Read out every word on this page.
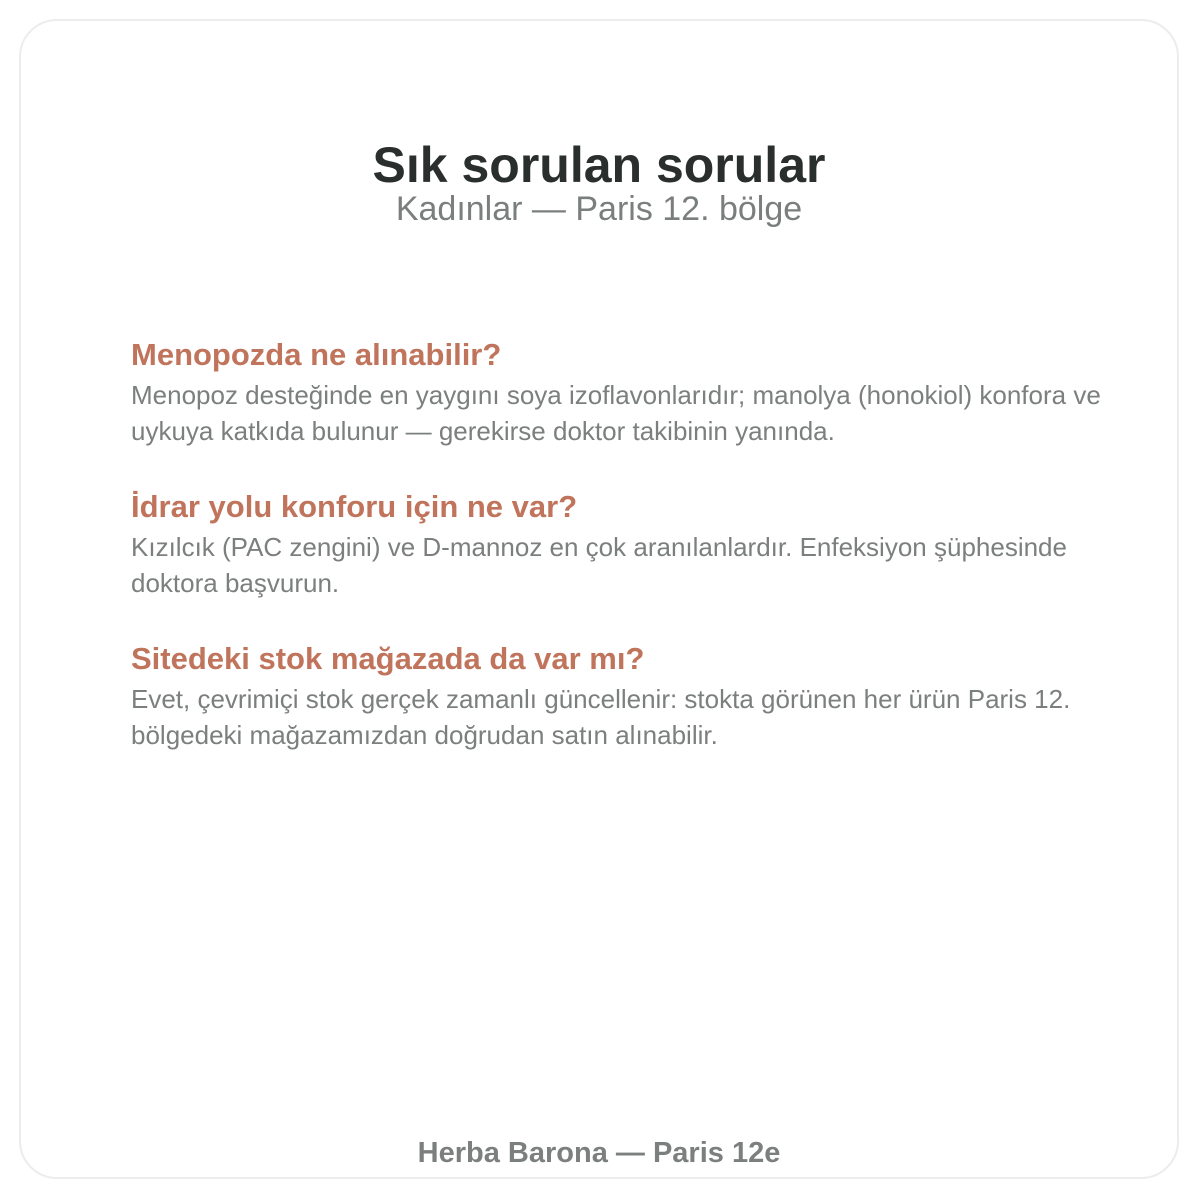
Sık sorulan sorular
Kadınlar — Paris 12. bölge
Menopozda ne alınabilir?

Menopoz desteğinde en yaygını soya izoflavonlarıdır; manolya (honokiol) konfora ve uykuya katkıda bulunur — gerekirse doktor takibinin yanında.

İdrar yolu konforu için ne var?

Kızılcık (PAC zengini) ve D-mannoz en çok aranılanlardır. Enfeksiyon şüphesinde doktora başvurun.

Sitedeki stok mağazada da var mı?

Evet, çevrimiçi stok gerçek zamanlı güncellenir: stokta görünen her ürün Paris 12. bölgedeki mağazamızdan doğrudan satın alınabilir.

Herba Barona — Paris 12e
